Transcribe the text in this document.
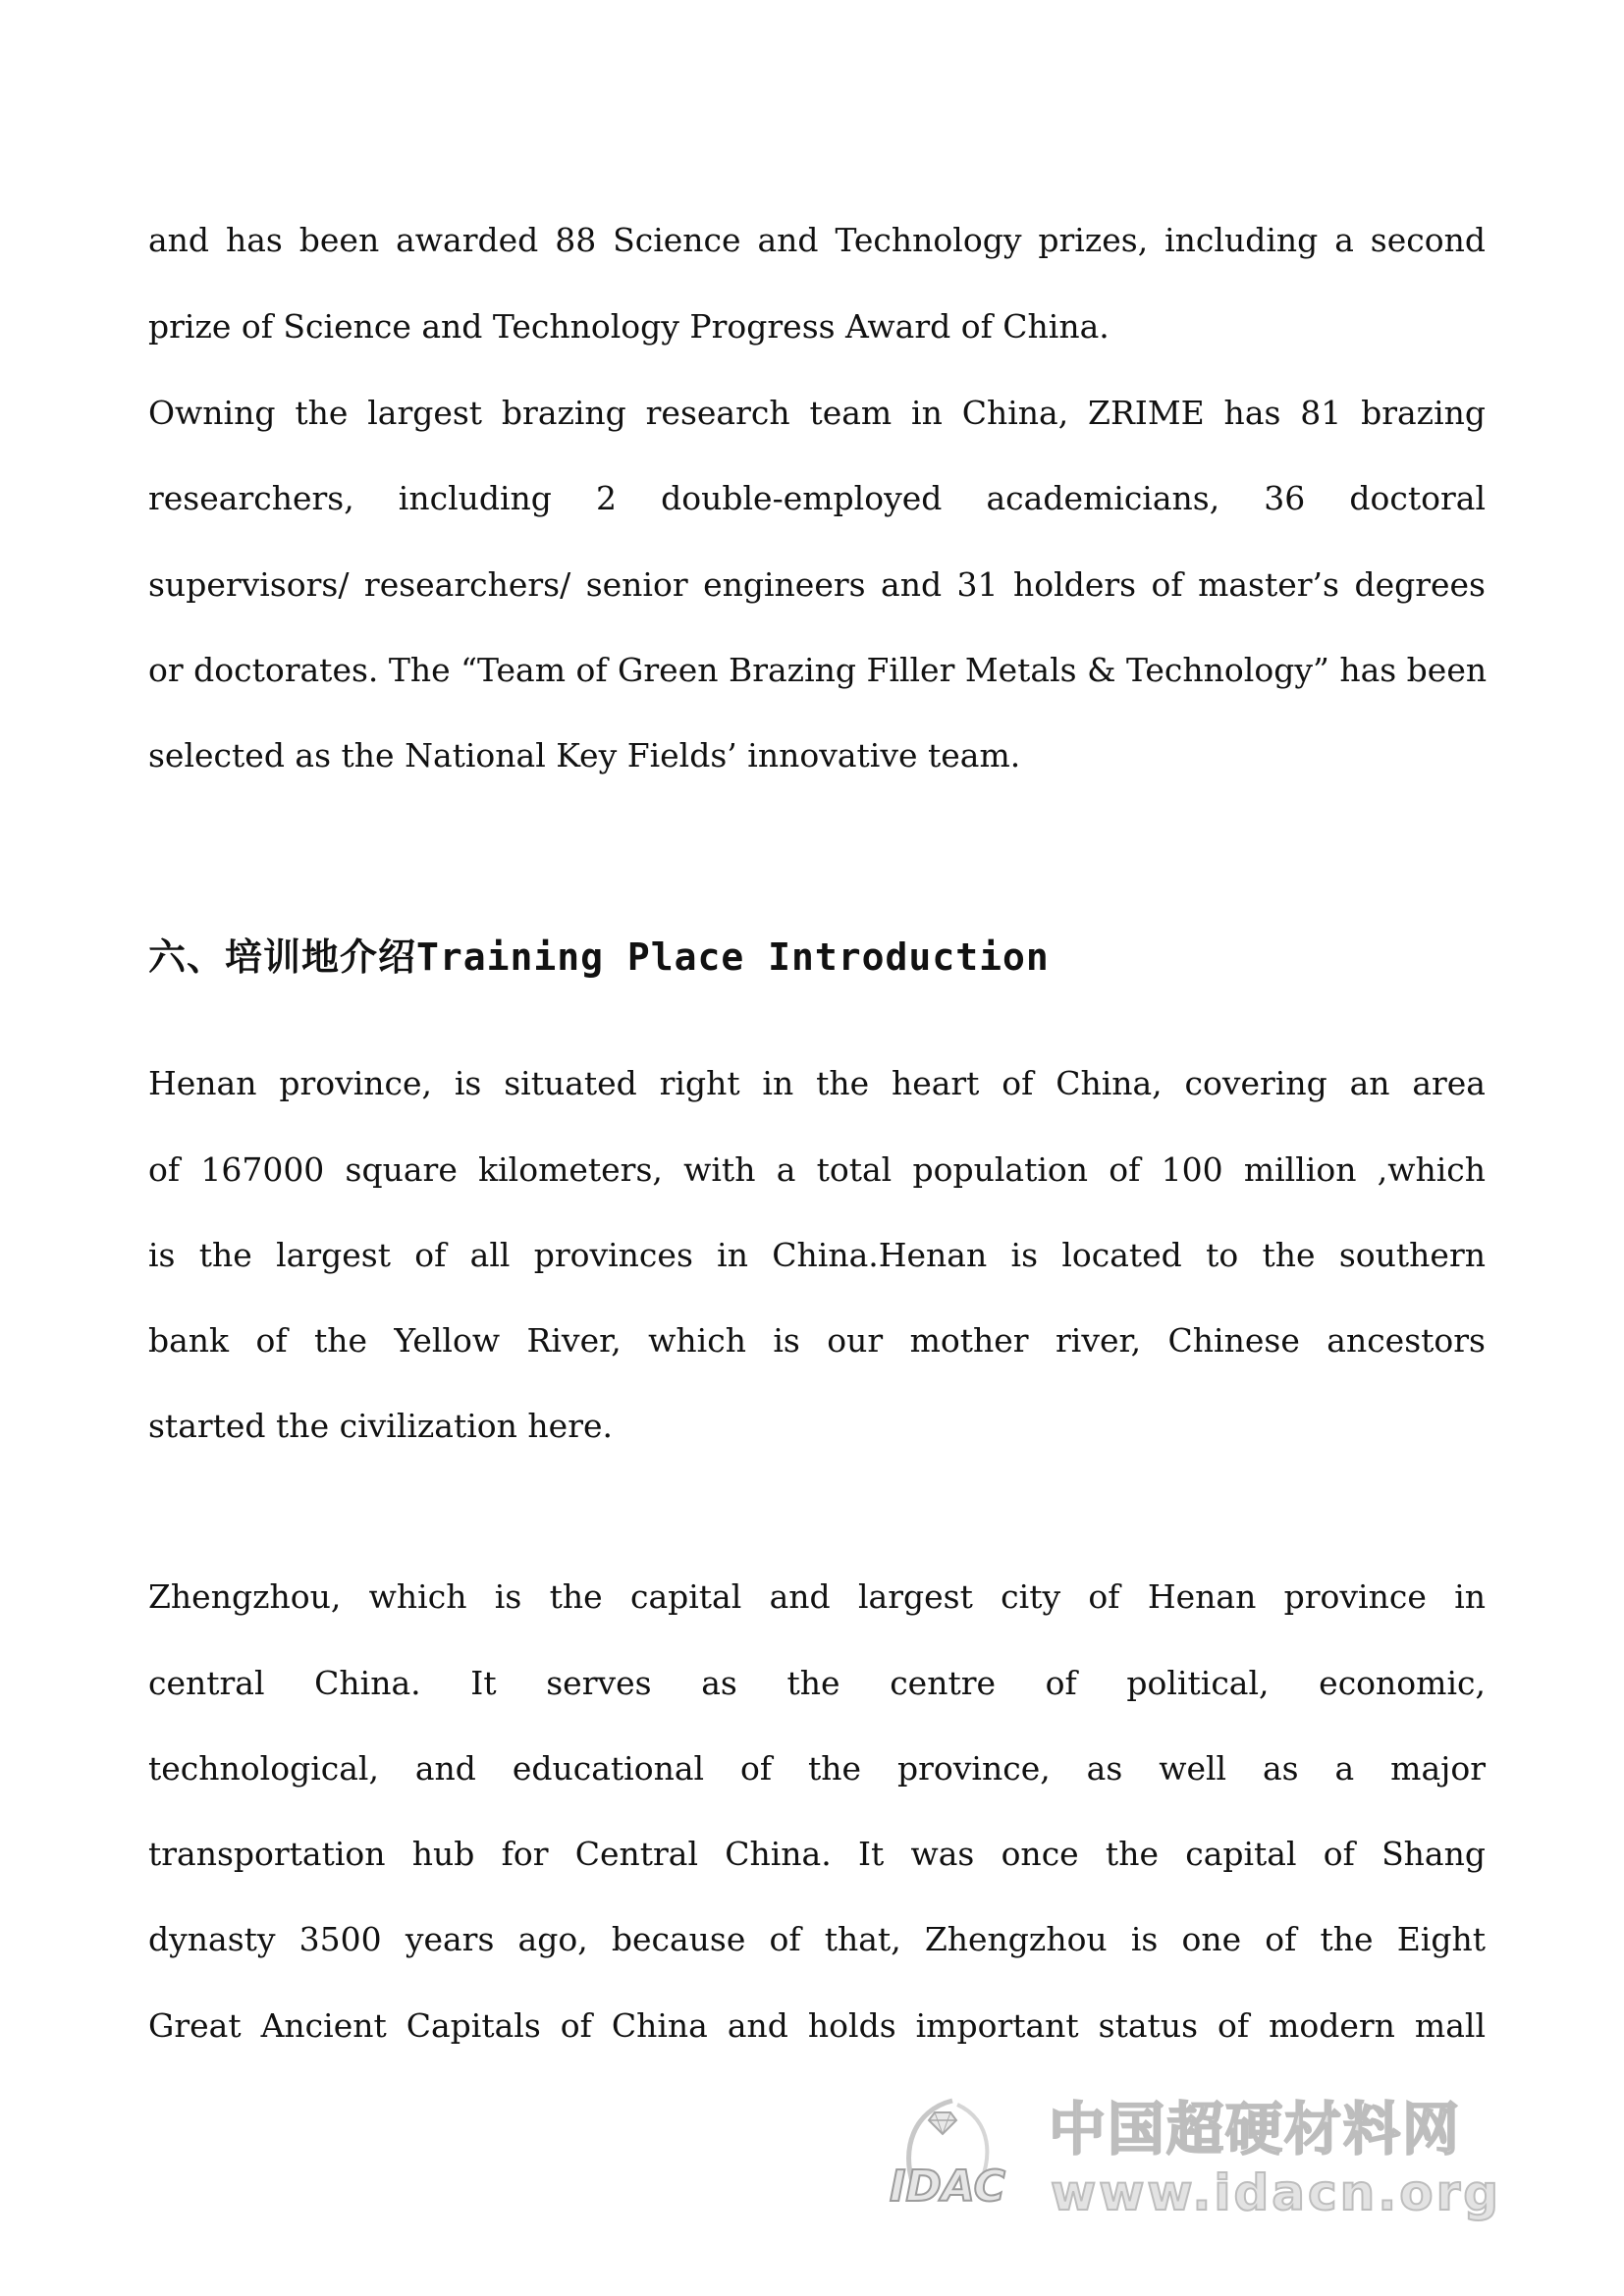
and has been awarded 88 Science and Technology prizes, including a second
prize of Science and Technology Progress Award of China.
Owning the largest brazing research team in China, ZRIME has 81 brazing
researchers, including 2 double-employed academicians, 36 doctoral
supervisors/ researchers/ senior engineers and 31 holders of master’s degrees
or doctorates. The “Team of Green Brazing Filler Metals & Technology” has been
selected as the National Key Fields’ innovative team.
六、培训地介绍Training Place Introduction
Henan province, is situated right in the heart of China, covering an area
of 167000 square kilometers, with a total population of 100 million ,which
is the largest of all provinces in China.Henan is located to the southern
bank of the Yellow River, which is our mother river, Chinese ancestors
started the civilization here.
Zhengzhou, which is the capital and largest city of Henan province in
central China. It serves as the centre of political, economic,
technological, and educational of the province, as well as a major
transportation hub for Central China. It was once the capital of Shang
dynasty 3500 years ago, because of that, Zhengzhou is one of the Eight
Great Ancient Capitals of China and holds important status of modern mall
IDAC
中国超硬材料网
www.idacn.org
